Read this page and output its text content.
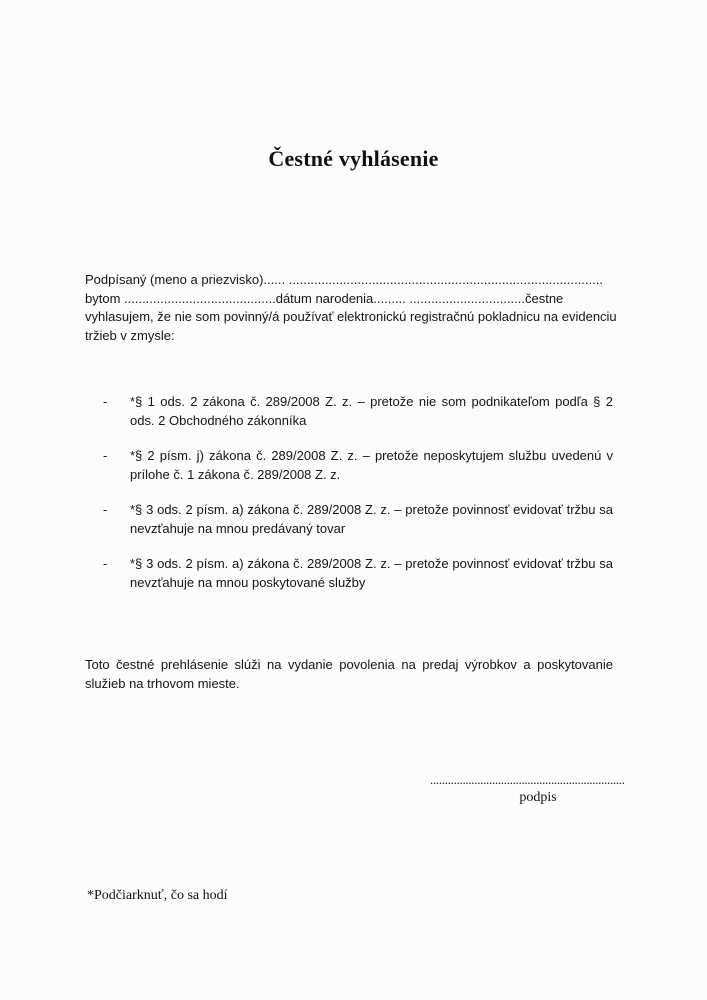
Čestné vyhlásenie

Podpísaný (meno a priezvisko)...... .......................................................................................

bytom ..........................................dátum narodenia......... ................................čestne

vyhlasujem, že nie som povinný/á používať elektronickú registračnú pokladnicu na evidenciu

tržieb v zmysle:

- *§ 1 ods. 2 zákona č. 289/2008 Z. z. – pretože nie som podnikateľom podľa § 2 ods. 2 Obchodného zákonníka
- *§ 2 písm. j) zákona č. 289/2008 Z. z. – pretože neposkytujem službu uvedenú v prílohe č. 1 zákona č. 289/2008 Z. z.
- *§ 3 ods. 2 písm. a) zákona č. 289/2008 Z. z. – pretože povinnosť evidovať tržbu sa nevzťahuje na mnou predávaný tovar
- *§ 3 ods. 2 písm. a) zákona č. 289/2008 Z. z. – pretože povinnosť evidovať tržbu sa nevzťahuje na mnou poskytované služby

Toto čestné prehlásenie slúži na vydanie povolenia na predaj výrobkov a poskytovanie služieb na trhovom mieste.

..................................................................
podpis
*Podčiarknuť, čo sa hodí
